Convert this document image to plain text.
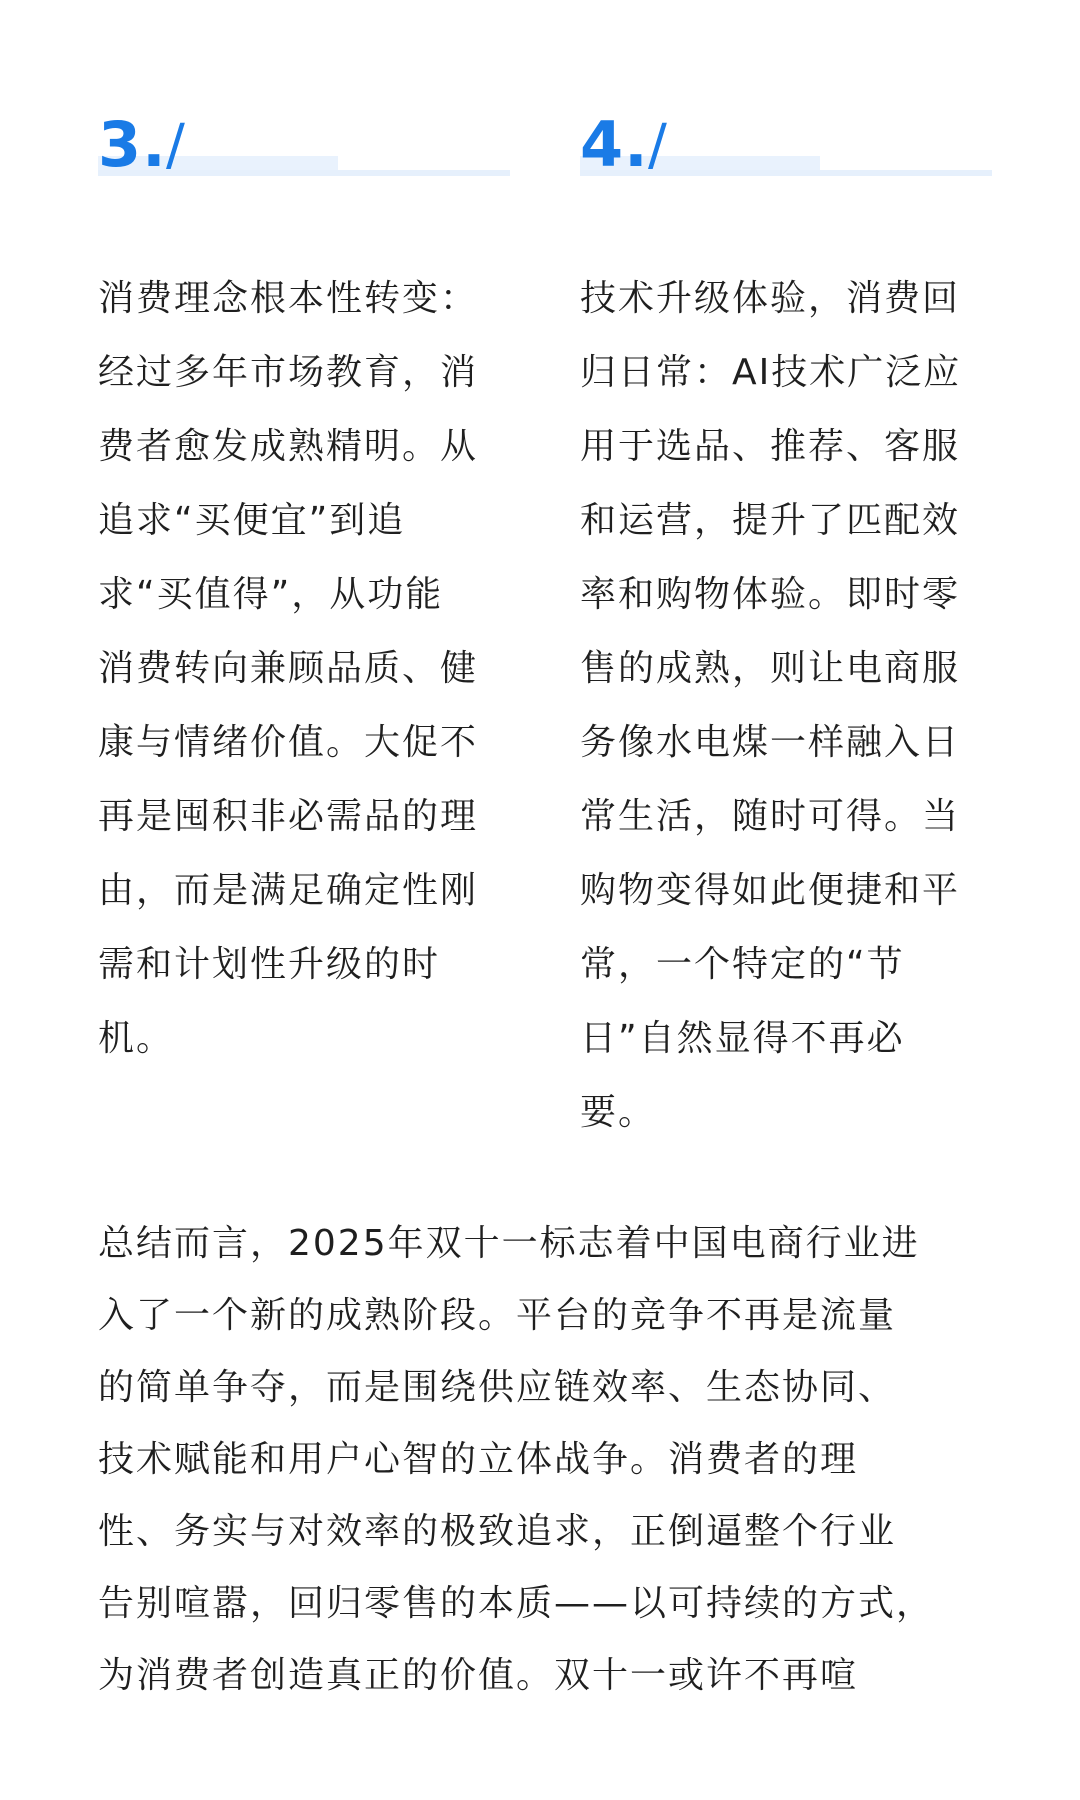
3. /
消费理念根本性转变：
经过多年市场教育，消
费者愈发成熟精明。从
追求“买便宜”到追
求“买值得”，从功能
消费转向兼顾品质、健
康与情绪价值。大促不
再是囤积非必需品的理
由，而是满足确定性刚
需和计划性升级的时
机。
4. /
技术升级体验，消费回
归日常：AI技术广泛应
用于选品、推荐、客服
和运营，提升了匹配效
率和购物体验。即时零
售的成熟，则让电商服
务像水电煤一样融入日
常生活，随时可得。当
购物变得如此便捷和平
常，一个特定的“节
日”自然显得不再必
要。
总结而言，2025年双十一标志着中国电商行业进
入了一个新的成熟阶段。平台的竞争不再是流量
的简单争夺，而是围绕供应链效率、生态协同、
技术赋能和用户心智的立体战争。消费者的理
性、务实与对效率的极致追求，正倒逼整个行业
告别喧嚣，回归零售的本质——以可持续的方式，
为消费者创造真正的价值。双十一或许不再喧
